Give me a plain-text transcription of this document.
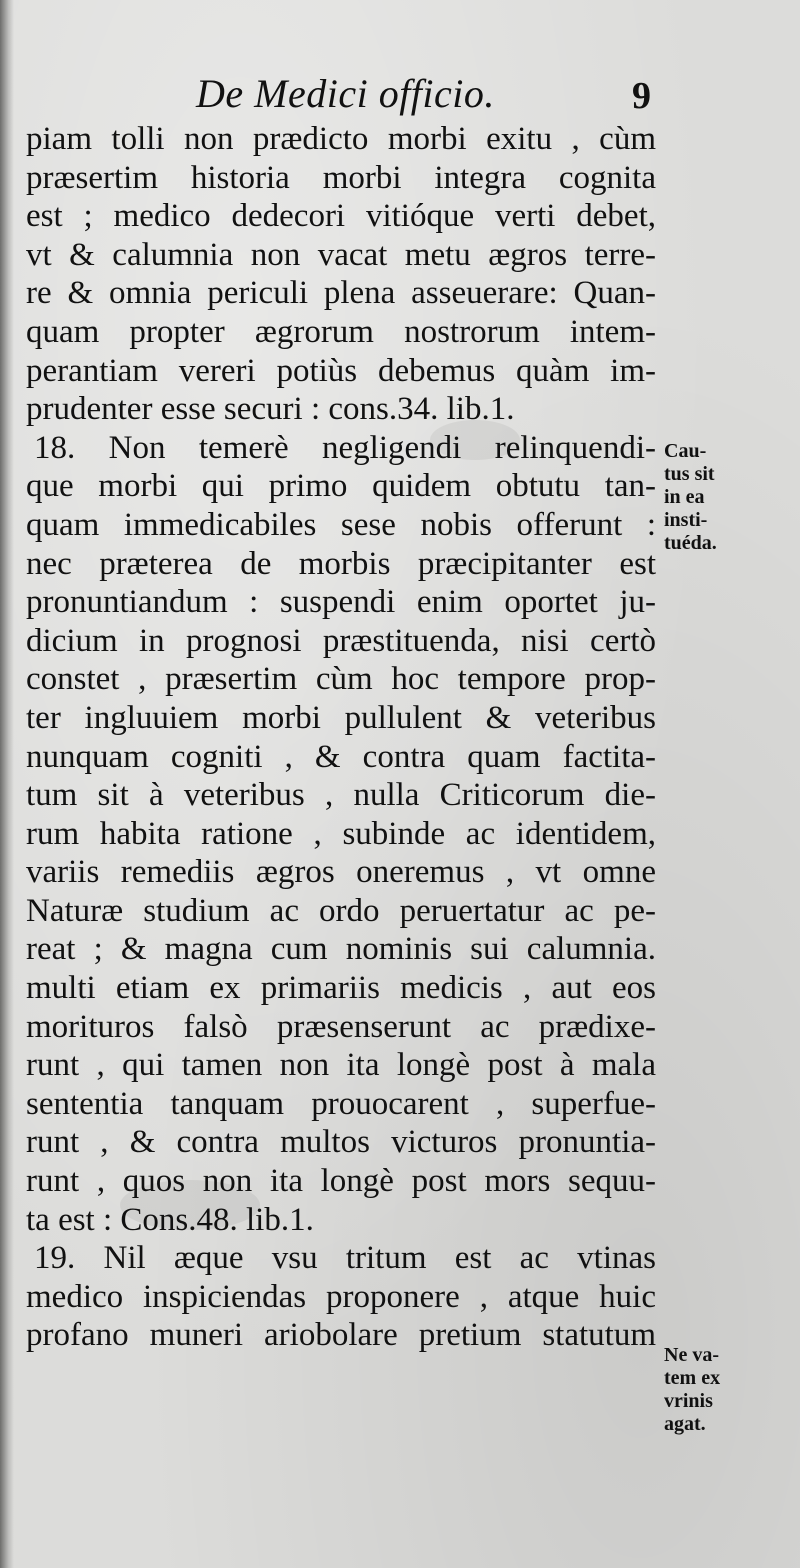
De Medici officio.	9
piam tolli non prædicto morbi exitu , cùm
præsertim historia morbi integra cognita
est ; medico dedecori vitióque verti debet,
vt & calumnia non vacat metu ægros terre-
re & omnia periculi plena asseuerare: Quan-
quam propter ægrorum nostrorum intem-
perantiam vereri potiùs debemus quàm im-
prudenter esse securi : cons.34. lib.1.
18. Non temerè negligendi relinquendi-
que morbi qui primo quidem obtutu tan-
quam immedicabiles sese nobis offerunt :
nec præterea de morbis præcipitanter est
pronuntiandum : suspendi enim oportet ju-
dicium in prognosi præstituenda, nisi certò
constet , præsertim cùm hoc tempore prop-
ter ingluuiem morbi pullulent & veteribus
nunquam cogniti , & contra quam factita-
tum sit à veteribus , nulla Criticorum die-
rum habita ratione , subinde ac identidem,
variis remediis ægros oneremus , vt omne
Naturæ studium ac ordo peruertatur ac pe-
reat ; & magna cum nominis sui calumnia.
multi etiam ex primariis medicis , aut eos
morituros falsò præsenserunt ac prædixe-
runt , qui tamen non ita longè post à mala
sententia tanquam prouocarent , superfue-
runt , & contra multos victuros pronuntia-
runt , quos non ita longè post mors sequu-
ta est : Cons.48. lib.1.
19. Nil æque vsu tritum est ac vtinas
medico inspiciendas proponere , atque huic
profano muneri ariobolare pretium statutum
Cau-
tus sit
in ea
insti-
tuéda.
Ne va-
tem ex
vrinis
agat.
